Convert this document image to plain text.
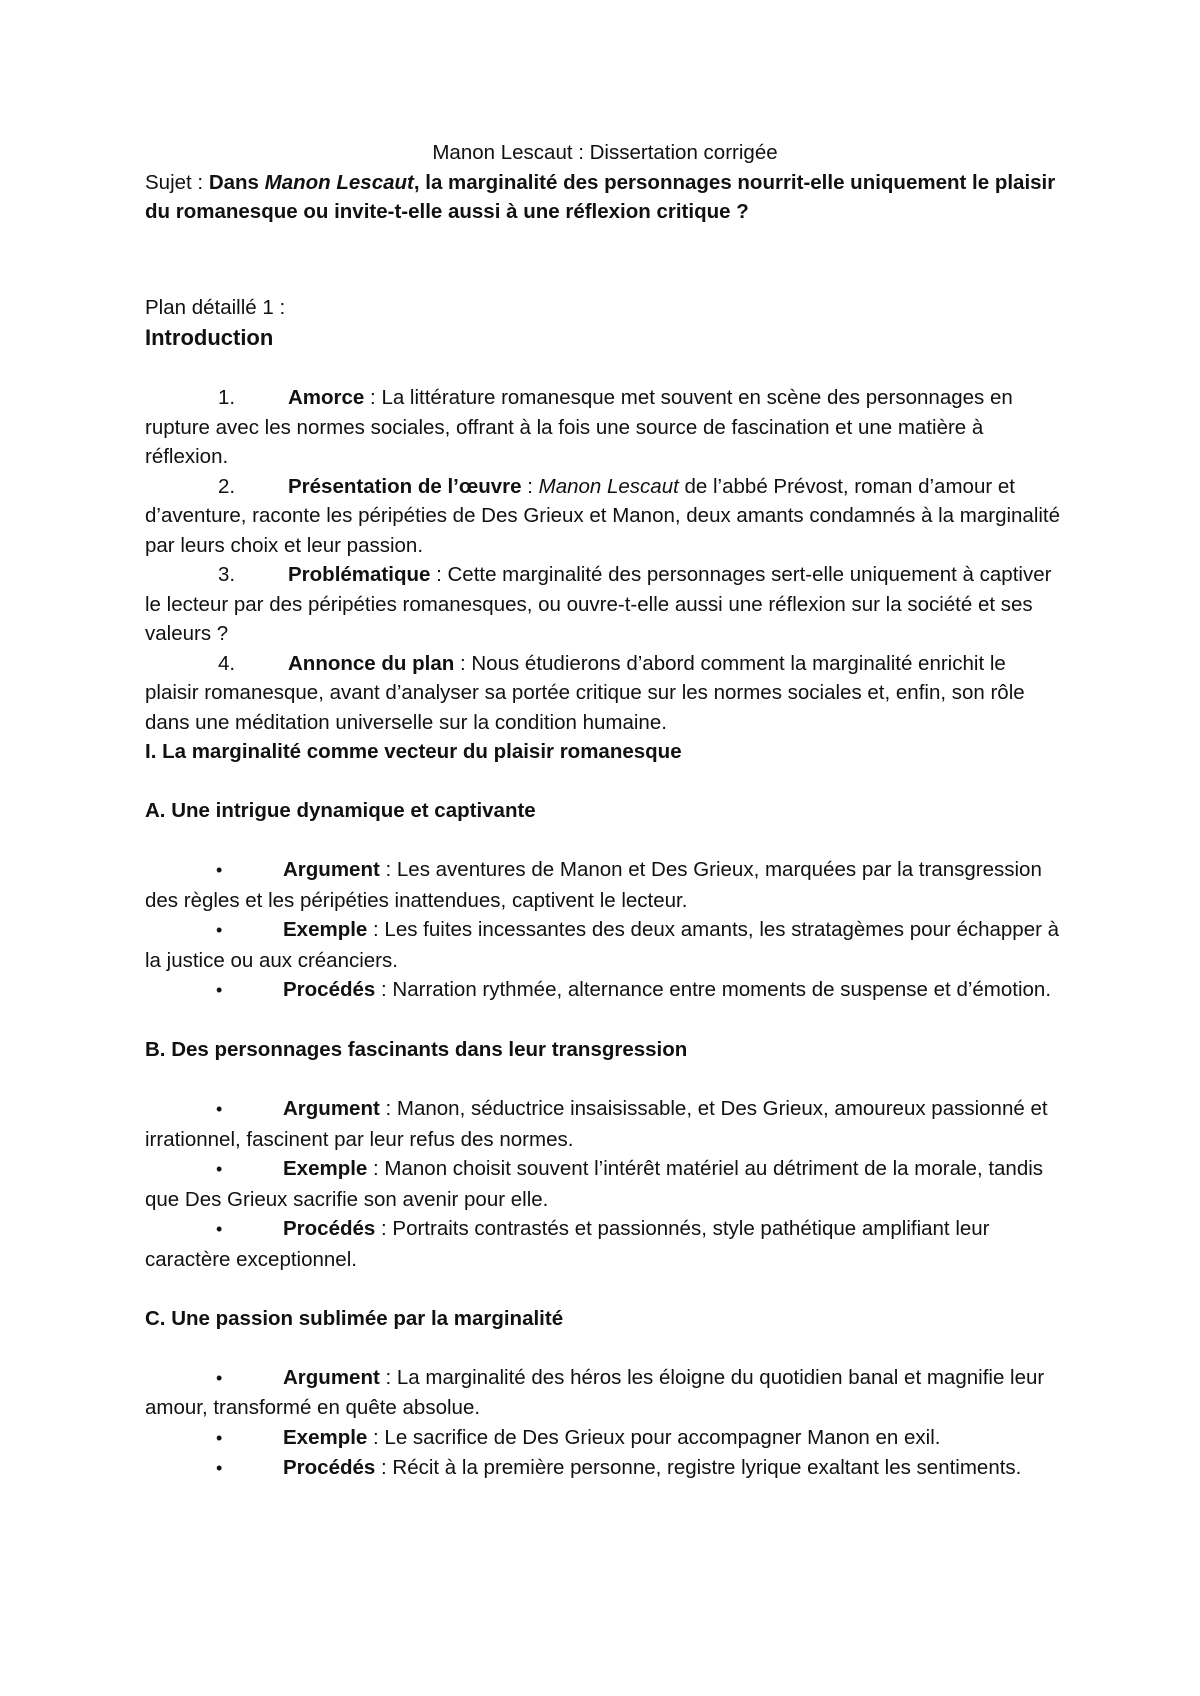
Manon Lescaut : Dissertation corrigée

Sujet : Dans Manon Lescaut, la marginalité des personnages nourrit-elle uniquement le plaisir du romanesque ou invite-t-elle aussi à une réflexion critique ?

Plan détaillé 1 :

Introduction

1.	Amorce : La littérature romanesque met souvent en scène des personnages en rupture avec les normes sociales, offrant à la fois une source de fascination et une matière à réflexion.

2.	Présentation de l’œuvre : Manon Lescaut de l’abbé Prévost, roman d’amour et d’aventure, raconte les péripéties de Des Grieux et Manon, deux amants condamnés à la marginalité par leurs choix et leur passion.

3.	Problématique : Cette marginalité des personnages sert-elle uniquement à captiver le lecteur par des péripéties romanesques, ou ouvre-t-elle aussi une réflexion sur la société et ses valeurs ?

4.	Annonce du plan : Nous étudierons d’abord comment la marginalité enrichit le plaisir romanesque, avant d’analyser sa portée critique sur les normes sociales et, enfin, son rôle dans une méditation universelle sur la condition humaine.

I. La marginalité comme vecteur du plaisir romanesque

A. Une intrigue dynamique et captivante

•	Argument : Les aventures de Manon et Des Grieux, marquées par la transgression des règles et les péripéties inattendues, captivent le lecteur.

•	Exemple : Les fuites incessantes des deux amants, les stratagèmes pour échapper à la justice ou aux créanciers.

•	Procédés : Narration rythmée, alternance entre moments de suspense et d’émotion.

B. Des personnages fascinants dans leur transgression

•	Argument : Manon, séductrice insaisissable, et Des Grieux, amoureux passionné et irrationnel, fascinent par leur refus des normes.

•	Exemple : Manon choisit souvent l’intérêt matériel au détriment de la morale, tandis que Des Grieux sacrifie son avenir pour elle.

•	Procédés : Portraits contrastés et passionnés, style pathétique amplifiant leur caractère exceptionnel.

C. Une passion sublimée par la marginalité

•	Argument : La marginalité des héros les éloigne du quotidien banal et magnifie leur amour, transformé en quête absolue.

•	Exemple : Le sacrifice de Des Grieux pour accompagner Manon en exil.

•	Procédés : Récit à la première personne, registre lyrique exaltant les sentiments.
